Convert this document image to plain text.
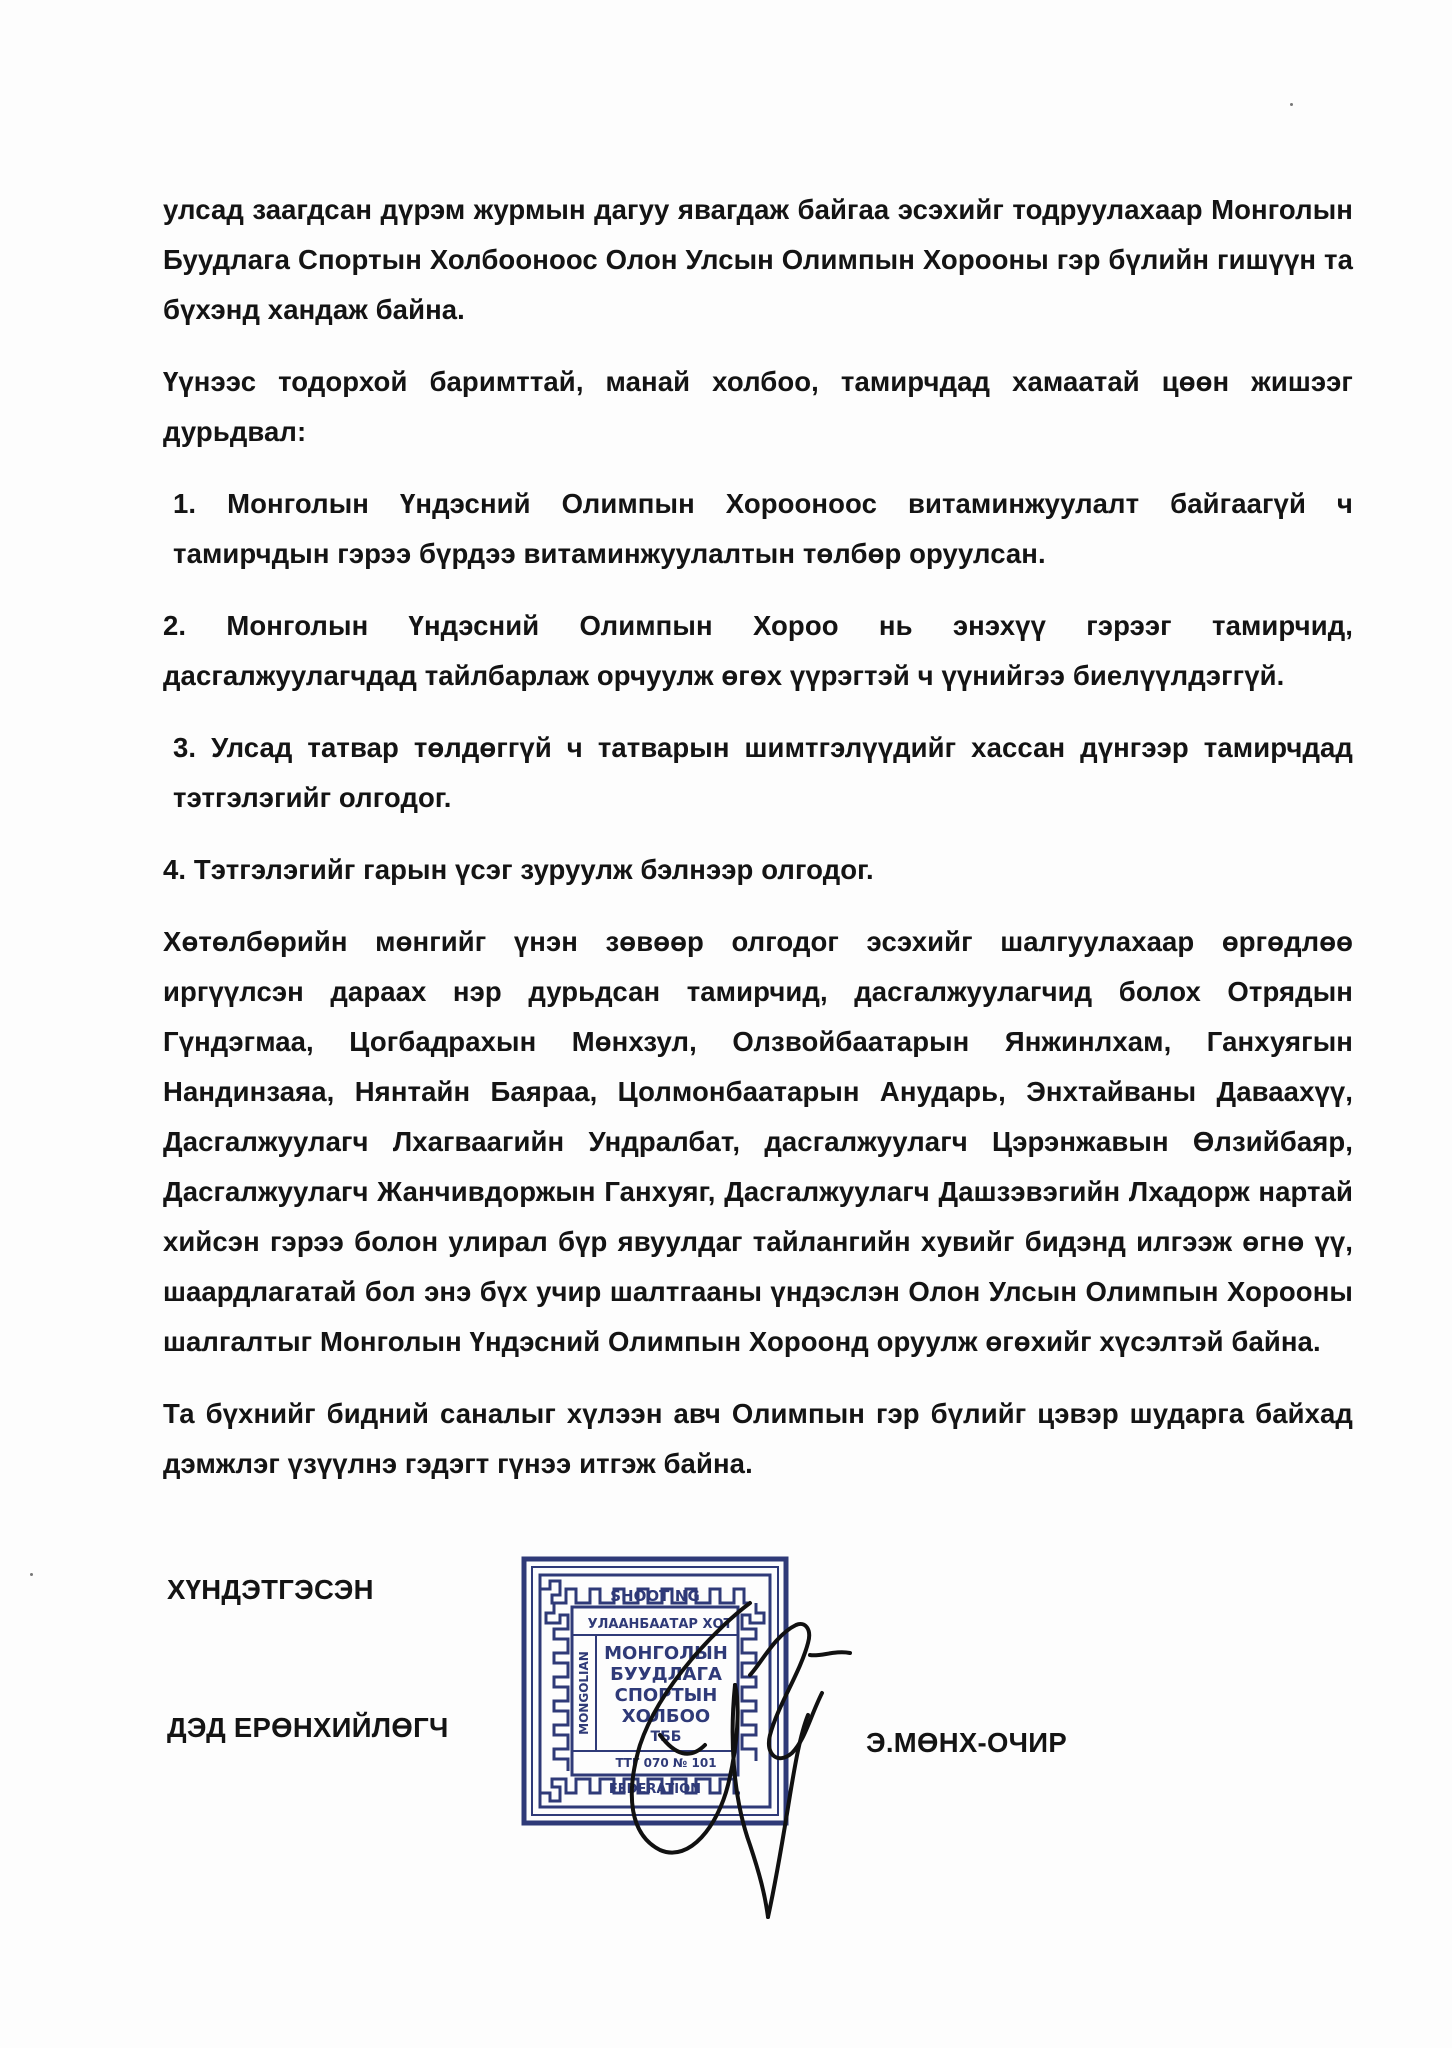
улсад заагдсан дүрэм журмын дагуу явагдаж байгаа эсэхийг тодруулахаар Монголын Буудлага Спортын Холбооноос Олон Улсын Олимпын Хорооны гэр бүлийн гишүүн та бүхэнд хандаж байна.

Үүнээс тодорхой баримттай, манай холбоо, тамирчдад хамаатай цөөн жишээг дурьдвал:

1. Монголын Үндэсний Олимпын Хорооноос витаминжуулалт байгаагүй ч тамирчдын гэрээ бүрдээ витаминжуулалтын төлбөр оруулсан.

2. Монголын Үндэсний Олимпын Хороо нь энэхүү гэрээг тамирчид, дасгалжуулагчдад тайлбарлаж орчуулж өгөх үүрэгтэй ч үүнийгээ биелүүлдэггүй.

3. Улсад татвар төлдөггүй ч татварын шимтгэлүүдийг хассан дүнгээр тамирчдад тэтгэлэгийг олгодог.

4. Тэтгэлэгийг гарын үсэг зуруулж бэлнээр олгодог.

Хөтөлбөрийн мөнгийг үнэн зөвөөр олгодог эсэхийг шалгуулахаар өргөдлөө иргүүлсэн дараах нэр дурьдсан тамирчид, дасгалжуулагчид болох Отрядын Гүндэгмаа, Цогбадрахын Мөнхзул, Олзвойбаатарын Янжинлхам, Ганхуягын Нандинзаяа, Нянтайн Баяраа, Цолмонбаатарын Анударь, Энхтайваны Даваахүү, Дасгалжуулагч Лхагваагийн Ундралбат, дасгалжуулагч Цэрэнжавын Өлзийбаяр, Дасгалжуулагч Жанчивдоржын Ганхуяг, Дасгалжуулагч Дашзэвэгийн Лхадорж нартай хийсэн гэрээ болон улирал бүр явуулдаг тайлангийн хувийг бидэнд илгээж өгнө үү, шаардлагатай бол энэ бүх учир шалтгааны үндэслэн Олон Улсын Олимпын Хорооны шалгалтыг Монголын Үндэсний Олимпын Хороонд оруулж өгөхийг хүсэлтэй байна.

Та бүхнийг бидний саналыг хүлээн авч Олимпын гэр бүлийг цэвэр шударга байхад дэмжлэг үзүүлнэ гэдэгт гүнээ итгэж байна.

ХҮНДЭТГЭСЭН
ДЭД ЕРӨНХИЙЛӨГЧ	Э.МӨНХ-ОЧИР
SHOOTING
УЛААНБААТАР ХОТ
МОНГОЛЫН
БУУДЛАГА
СПОРТЫН
ХОЛБОО
ТББ
ТТГ 070 № 101
FEDERATION
MONGOLIAN
